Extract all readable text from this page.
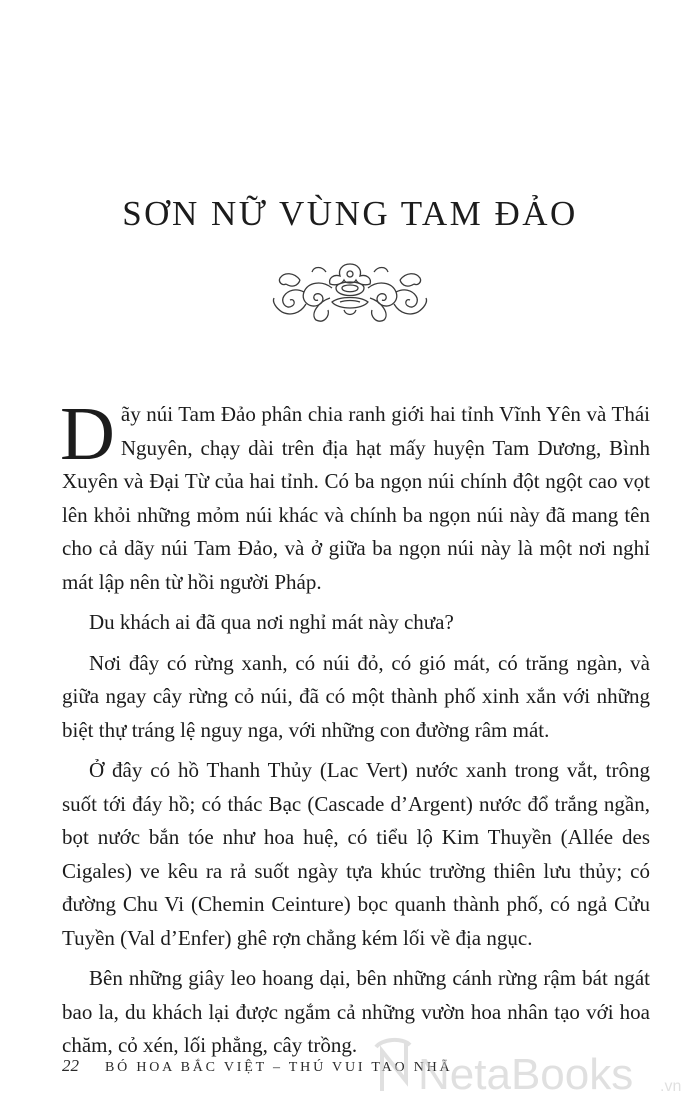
SƠN NỮ VÙNG TAM ĐẢO

Dãy núi Tam Đảo phân chia ranh giới hai tỉnh Vĩnh Yên và Thái Nguyên, chạy dài trên địa hạt mấy huyện Tam Dương, Bình Xuyên và Đại Từ của hai tỉnh. Có ba ngọn núi chính đột ngột cao vọt lên khỏi những mỏm núi khác và chính ba ngọn núi này đã mang tên cho cả dãy núi Tam Đảo, và ở giữa ba ngọn núi này là một nơi nghỉ mát lập nên từ hồi người Pháp.

Du khách ai đã qua nơi nghỉ mát này chưa?

Nơi đây có rừng xanh, có núi đỏ, có gió mát, có trăng ngàn, và giữa ngay cây rừng cỏ núi, đã có một thành phố xinh xắn với những biệt thự tráng lệ nguy nga, với những con đường râm mát.

Ở đây có hồ Thanh Thủy (Lac Vert) nước xanh trong vắt, trông suốt tới đáy hồ; có thác Bạc (Cascade d’Argent) nước đổ trắng ngần, bọt nước bắn tóe như hoa huệ, có tiểu lộ Kim Thuyền (Allée des Cigales) ve kêu ra rả suốt ngày tựa khúc trường thiên lưu thủy; có đường Chu Vi (Chemin Ceinture) bọc quanh thành phố, có ngả Cửu Tuyền (Val d’Enfer) ghê rợn chẳng kém lối về địa ngục.

Bên những giây leo hoang dại, bên những cánh rừng rậm bát ngát bao la, du khách lại được ngắm cả những vườn hoa nhân tạo với hoa chăm, cỏ xén, lối phẳng, cây trồng.

22 BÓ HOA BẮC VIỆT – THÚ VUI TAO NHÃ
NetaBooks .vn
